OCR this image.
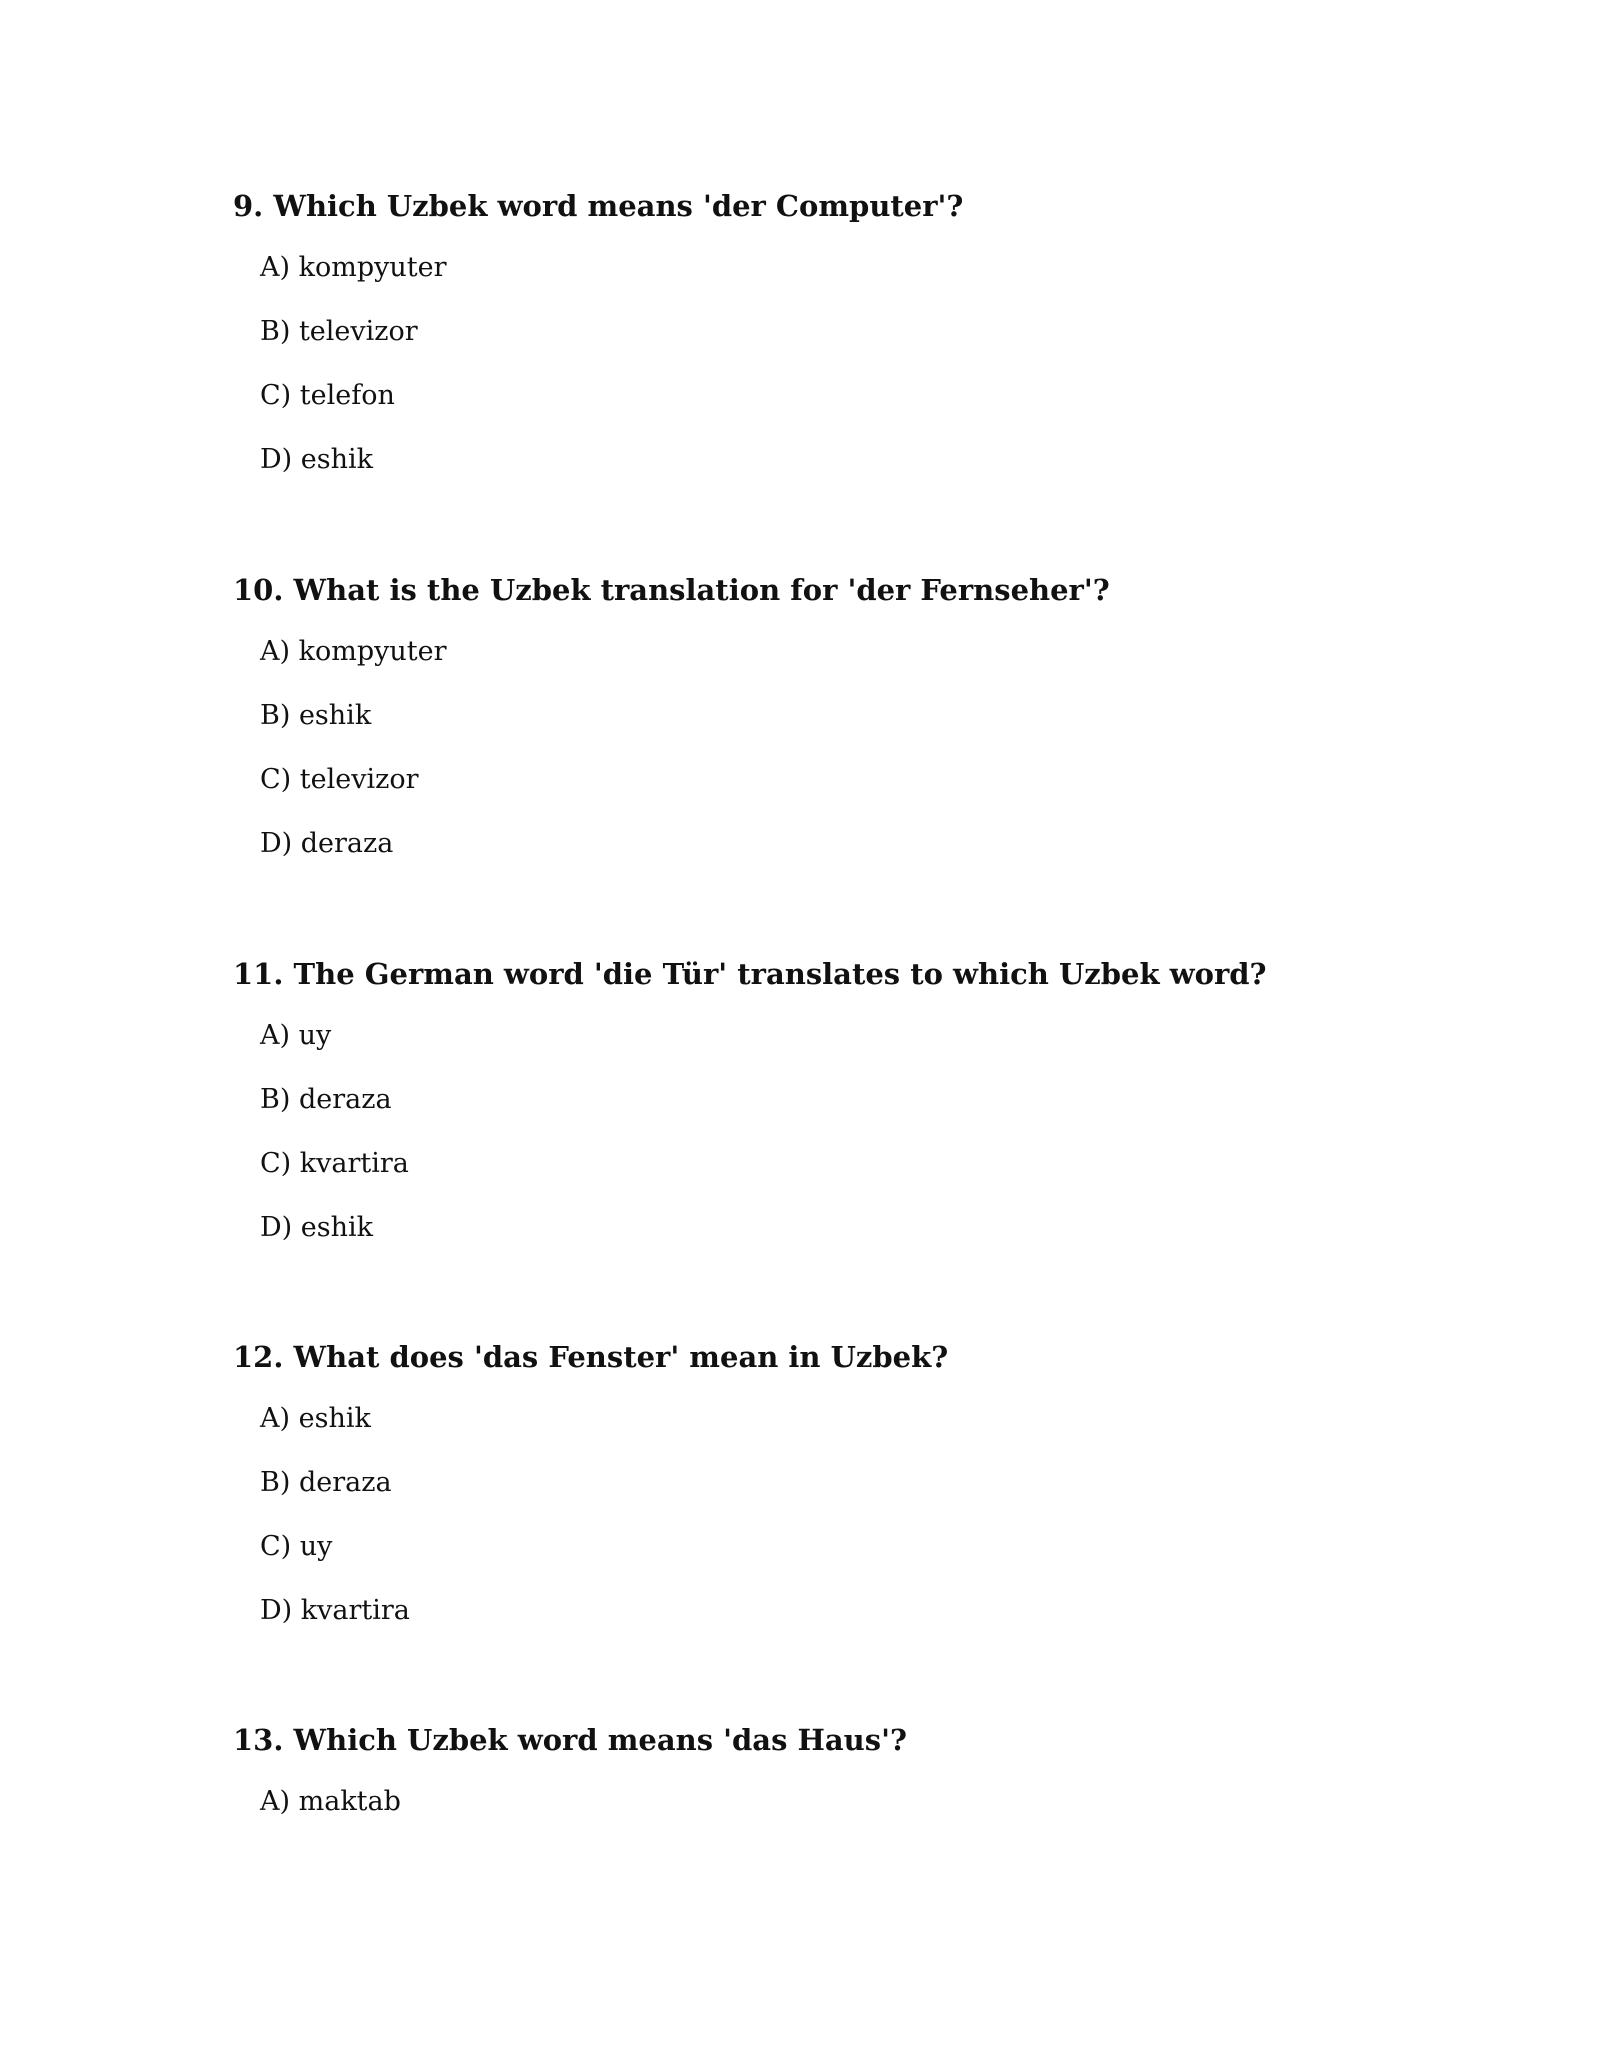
9. Which Uzbek word means 'der Computer'?

A) kompyuter
B) televizor
C) telefon
D) eshik

10. What is the Uzbek translation for 'der Fernseher'?

A) kompyuter
B) eshik
C) televizor
D) deraza

11. The German word 'die Tür' translates to which Uzbek word?

A) uy
B) deraza
C) kvartira
D) eshik

12. What does 'das Fenster' mean in Uzbek?

A) eshik
B) deraza
C) uy
D) kvartira

13. Which Uzbek word means 'das Haus'?

A) maktab
